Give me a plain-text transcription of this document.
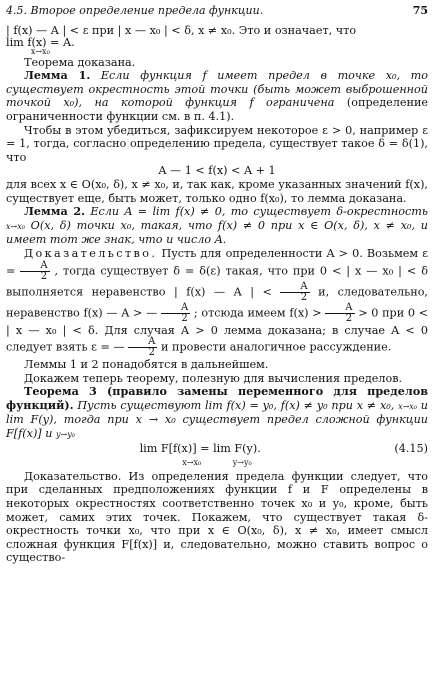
4.5. Второе определение предела функции.	75

| f(x) — A | < ε при | x — x₀ | < δ, x ≠ x₀. Это и означает, что

lim f(x) = A.
x→x₀

Теорема доказана.

Лемма 1. Если функция f имеет предел в точке x₀, то существует окрестность этой точки (быть может выброшенной точкой x₀), на которой функция f ограничена (определение ограниченности функции см. в п. 4.1).

Чтобы в этом убедиться, зафиксируем некоторое ε > 0, например ε = 1, тогда, согласно определению предела, существует такое δ = δ(1), что

A — 1 < f(x) < A + 1

для всех x ∈ O(x₀, δ), x ≠ x₀, и, так как, кроме указанных значений f(x), существует еще, быть может, только одно f(x₀), то лемма доказана.

Лемма 2. Если A = lim f(x) ≠ 0, то существует δ-окрестность x→x₀ O(x, δ) точки x₀, такая, что f(x) ≠ 0 при x ∈ O(x, δ), x ≠ x₀, и имеет тот же знак, что и число A.

Доказательство. Пусть для определенности A > 0. Возьмем $\varepsilon = \frac{A}{2}$ , тогда существует δ = δ(ε) такая, что при 0 < | x — x₀ | < δ выполняется неравенство | f(x) — A | < $\frac{A}{2} и$, следовательно, неравенство f(x) — A > — $\frac{A}{2}$ ; отсюда имеем $f(x) > \frac{A}{2} > 0$ при 0 < | x — x₀ | < δ. Для случая A > 0 лемма доказана; в случае A < 0 следует взять ε = — $\frac{A}{2}$ и провести аналогичное рассуждение.

Леммы 1 и 2 понадобятся в дальнейшем.

Докажем теперь теорему, полезную для вычисления пределов.

Теорема 3 (правило замены переменного для пределов функций). Пусть существуют lim f(x) = y₀, f(x) ≠ y₀ при x ≠ x₀, x→x₀ и lim F(y), тогда при x → x₀ существует предел сложной функции F[f(x)] и y→y₀

(4.15)
lim F[f(x)] = lim F(y).
x→x₀	y→y₀

Доказательство. Из определения предела функции следует, что при сделанных предположениях функции f и F определены в некоторых окрестностях соответственно точек x₀ и y₀, кроме, быть может, самих этих точек. Покажем, что существует такая δ-окрестность точки x₀, что при x ∈ O(x₀, δ), x ≠ x₀, имеет смысл сложная функция F[f(x)] и, следовательно, можно ставить вопрос о существо-
